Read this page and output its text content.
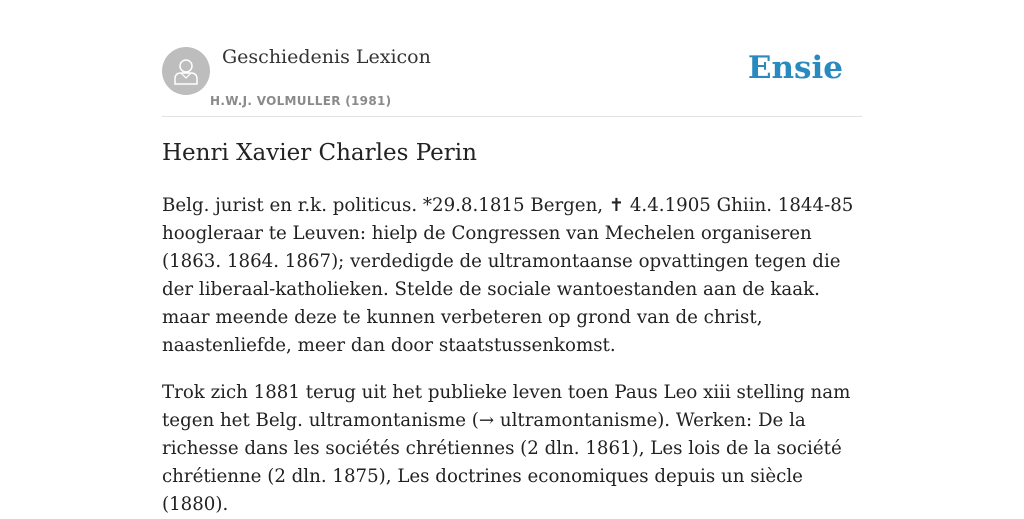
Geschiedenis Lexicon
H.W.J. VOLMULLER (1981)
Ensie
Henri Xavier Charles Perin

Belg. jurist en r.k. politicus. *29.8.1815 Bergen, ✝ 4.4.1905 Ghiin. 1844-85 hoogleraar te Leuven: hielp de Congressen van Mechelen organiseren (1863. 1864. 1867); verdedigde de ultramontaanse opvattingen tegen die der liberaal-katholieken. Stelde de sociale wantoestanden aan de kaak. maar meende deze te kunnen verbeteren op grond van de christ, naastenliefde, meer dan door staatstussenkomst.

Trok zich 1881 terug uit het publieke leven toen Paus Leo xiii stelling nam tegen het Belg. ultramontanisme (→ ultramontanisme). Werken: De la richesse dans les sociétés chrétiennes (2 dln. 1861), Les lois de la société chrétienne (2 dln. 1875), Les doctrines economiques depuis un siècle (1880).
